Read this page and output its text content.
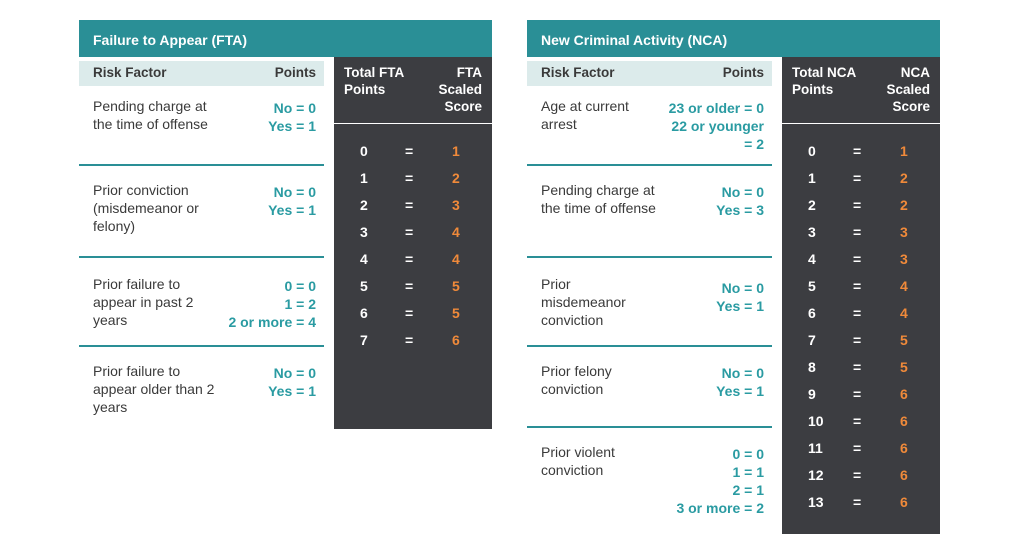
Failure to Appear (FTA)
Risk Factor	Points
Pending charge at the time of offense
No = 0
Yes = 1
Prior conviction (misdemeanor or felony)
No = 0
Yes = 1
Prior failure to appear in past 2 years
0 = 0
1 = 2
2 or more = 4
Prior failure to appear older than 2 years
No = 0
Yes = 1
Total FTA Points
FTA Scaled Score
0	=	1
1	=	2
2	=	3
3	=	4
4	=	4
5	=	5
6	=	5
7	=	6
New Criminal Activity (NCA)
Risk Factor	Points
Age at current arrest
23 or older = 0
22 or younger
= 2
Pending charge at the time of offense
No = 0
Yes = 3
Prior misdemeanor conviction
No = 0
Yes = 1
Prior felony conviction
No = 0
Yes = 1
Prior violent conviction
0 = 0
1 = 1
2 = 1
3 or more = 2
Total NCA Points
NCA Scaled Score
0	=	1
1	=	2
2	=	2
3	=	3
4	=	3
5	=	4
6	=	4
7	=	5
8	=	5
9	=	6
10 =	6
11 =	6
12 =	6
13 =	6
